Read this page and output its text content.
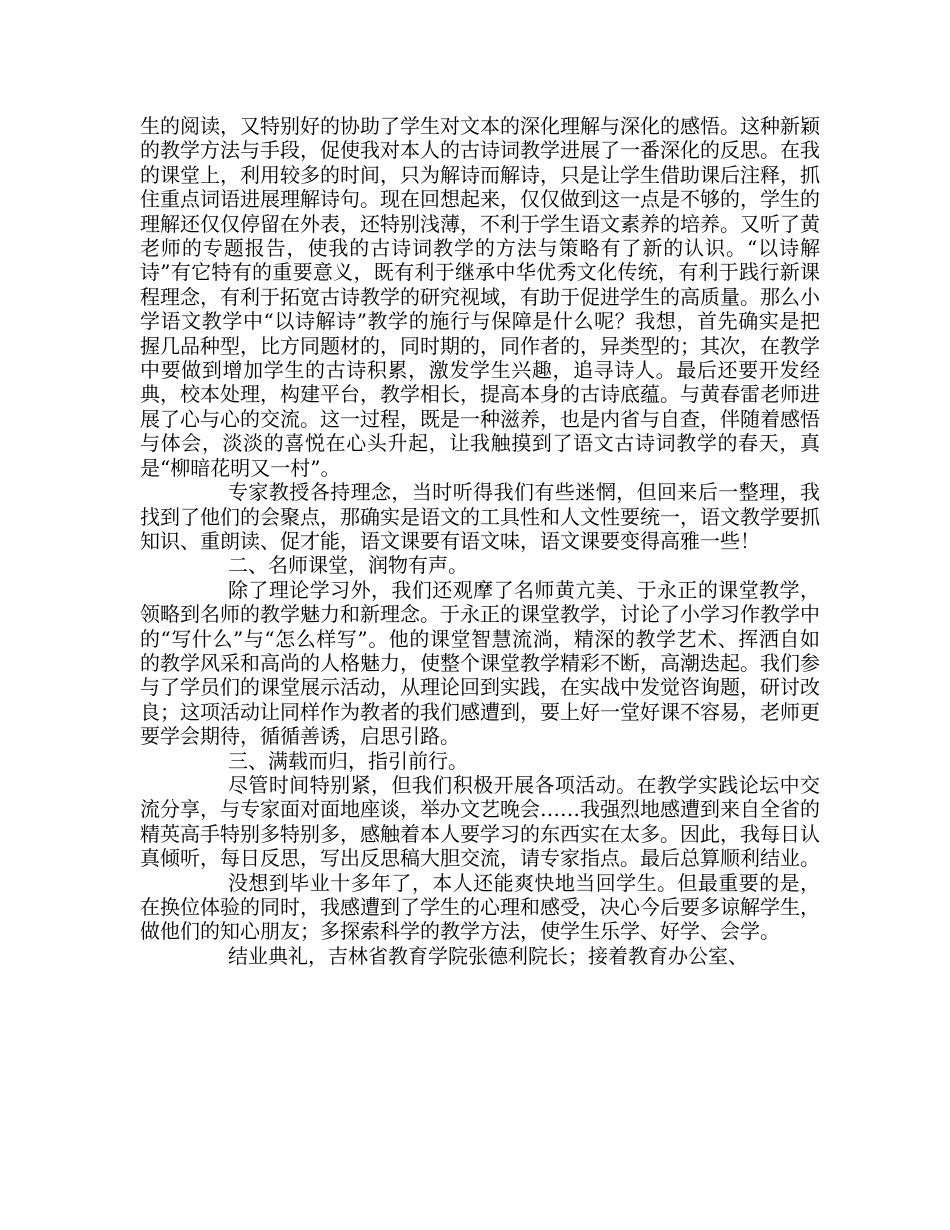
生的阅读，又特别好的协助了学生对文本的深化理解与深化的感悟。这种新颖的教学方法与手段，促使我对本人的古诗词教学进展了一番深化的反思。在我的课堂上，利用较多的时间，只为解诗而解诗，只是让学生借助课后注释，抓住重点词语进展理解诗句。现在回想起来，仅仅做到这一点是不够的，学生的理解还仅仅停留在外表，还特别浅薄，不利于学生语文素养的培养。又听了黄老师的专题报告，使我的古诗词教学的方法与策略有了新的认识。“以诗解诗”有它特有的重要意义，既有利于继承中华优秀文化传统，有利于践行新课程理念，有利于拓宽古诗教学的研究视域，有助于促进学生的高质量。那么小学语文教学中“以诗解诗”教学的施行与保障是什么呢？我想，首先确实是把握几品种型，比方同题材的，同时期的，同作者的，异类型的；其次，在教学中要做到增加学生的古诗积累，激发学生兴趣，追寻诗人。最后还要开发经典，校本处理，构建平台，教学相长，提高本身的古诗底蕴。与黄春雷老师进展了心与心的交流。这一过程，既是一种滋养，也是内省与自查，伴随着感悟与体会，淡淡的喜悦在心头升起，让我触摸到了语文古诗词教学的春天，真是“柳暗花明又一村”。

专家教授各持理念，当时听得我们有些迷惘，但回来后一整理，我找到了他们的会聚点，那确实是语文的工具性和人文性要统一，语文教学要抓知识、重朗读、促才能，语文课要有语文味，语文课要变得高雅一些！

二、名师课堂，润物有声。

除了理论学习外，我们还观摩了名师黄亢美、于永正的课堂教学，领略到名师的教学魅力和新理念。于永正的课堂教学，讨论了小学习作教学中的“写什么”与“怎么样写”。他的课堂智慧流淌，精深的教学艺术、挥洒自如的教学风采和高尚的人格魅力，使整个课堂教学精彩不断，高潮迭起。我们参与了学员们的课堂展示活动，从理论回到实践，在实战中发觉咨询题，研讨改良；这项活动让同样作为教者的我们感遭到，要上好一堂好课不容易，老师更要学会期待，循循善诱，启思引路。

三、满载而归，指引前行。

尽管时间特别紧，但我们积极开展各项活动。在教学实践论坛中交流分享，与专家面对面地座谈，举办文艺晚会……我强烈地感遭到来自全省的精英高手特别多特别多，感触着本人要学习的东西实在太多。因此，我每日认真倾听，每日反思，写出反思稿大胆交流，请专家指点。最后总算顺利结业。

没想到毕业十多年了，本人还能爽快地当回学生。但最重要的是，在换位体验的同时，我感遭到了学生的心理和感受，决心今后要多谅解学生，做他们的知心朋友；多探索科学的教学方法，使学生乐学、好学、会学。

结业典礼，吉林省教育学院张德利院长；接着教育办公室、
